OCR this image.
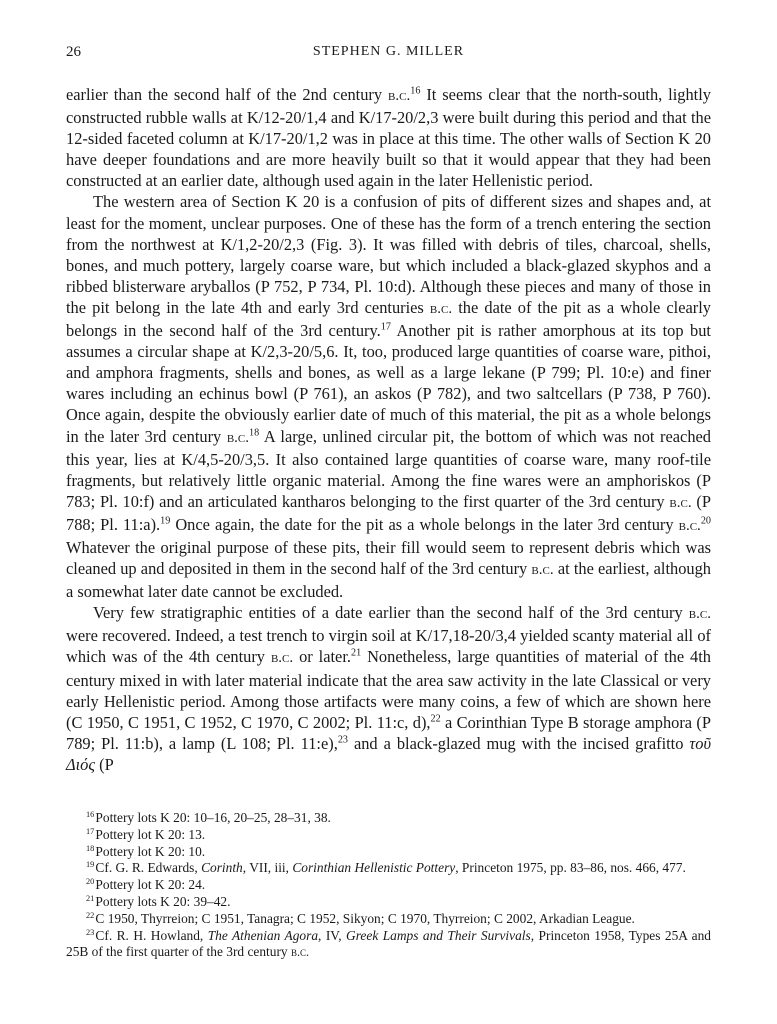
26	STEPHEN G. MILLER

earlier than the second half of the 2nd century b.c.$^{16}$ It seems clear that the north-south, lightly constructed rubble walls at K/12-20/1,4 and K/17-20/2,3 were built during this period and that the 12-sided faceted column at K/17-20/1,2 was in place at this time. The other walls of Section K 20 have deeper foundations and are more heavily built so that it would appear that they had been constructed at an earlier date, although used again in the later Hellenistic period.

The western area of Section K 20 is a confusion of pits of different sizes and shapes and, at least for the moment, unclear purposes. One of these has the form of a trench entering the section from the northwest at K/1,2-20/2,3 (Fig. 3). It was filled with debris of tiles, charcoal, shells, bones, and much pottery, largely coarse ware, but which included a black-glazed skyphos and a ribbed blisterware aryballos (P 752, P 734, Pl. 10:d). Although these pieces and many of those in the pit belong in the late 4th and early 3rd centuries b.c. the date of the pit as a whole clearly belongs in the second half of the 3rd century.$^{17}$ Another pit is rather amorphous at its top but assumes a circular shape at K/2,3-20/5,6. It, too, produced large quantities of coarse ware, pithoi, and amphora fragments, shells and bones, as well as a large lekane (P 799; Pl. 10:e) and finer wares including an echinus bowl (P 761), an askos (P 782), and two saltcellars (P 738, P 760). Once again, despite the obviously earlier date of much of this material, the pit as a whole belongs in the later 3rd century b.c.$^{18}$ A large, unlined circular pit, the bottom of which was not reached this year, lies at K/4,5-20/3,5. It also contained large quantities of coarse ware, many roof-tile fragments, but relatively little organic material. Among the fine wares were an amphoriskos (P 783; Pl. 10:f) and an articulated kantharos belonging to the first quarter of the 3rd century b.c. (P 788; Pl. 11:a).$^{19}$ Once again, the date for the pit as a whole belongs in the later 3rd century b.c.$^{20}$ Whatever the original purpose of these pits, their fill would seem to represent debris which was cleaned up and deposited in them in the second half of the 3rd century b.c. at the earliest, although a somewhat later date cannot be excluded.

Very few stratigraphic entities of a date earlier than the second half of the 3rd century b.c. were recovered. Indeed, a test trench to virgin soil at K/17,18-20/3,4 yielded scanty material all of which was of the 4th century b.c. or later.$^{21}$ Nonetheless, large quantities of material of the 4th century mixed in with later material indicate that the area saw activity in the late Classical or very early Hellenistic period. Among those artifacts were many coins, a few of which are shown here (C 1950, C 1951, C 1952, C 1970, C 2002; Pl. 11:c, d),$^{22}$ a Corinthian Type B storage amphora (P 789; Pl. 11:b), a lamp (L 108; Pl. 11:e),$^{23}$ and a black-glazed mug with the incised grafitto τοῦ Διός (P

$^{16}$ Pottery lots K 20: 10–16, 20–25, 28–31, 38.

$^{17}$ Pottery lot K 20: 13.

$^{18}$ Pottery lot K 20: 10.

$^{19}$ Cf. G. R. Edwards, Corinth, VII, iii, Corinthian Hellenistic Pottery, Princeton 1975, pp. 83–86, nos. 466, 477.

$^{20}$ Pottery lot K 20: 24.

$^{21}$ Pottery lots K 20: 39–42.

$^{22}$ C 1950, Thyrreion; C 1951, Tanagra; C 1952, Sikyon; C 1970, Thyrreion; C 2002, Arkadian League.

$^{23}$ Cf. R. H. Howland, The Athenian Agora, IV, Greek Lamps and Their Survivals, Princeton 1958, Types 25A and 25B of the first quarter of the 3rd century b.c.
